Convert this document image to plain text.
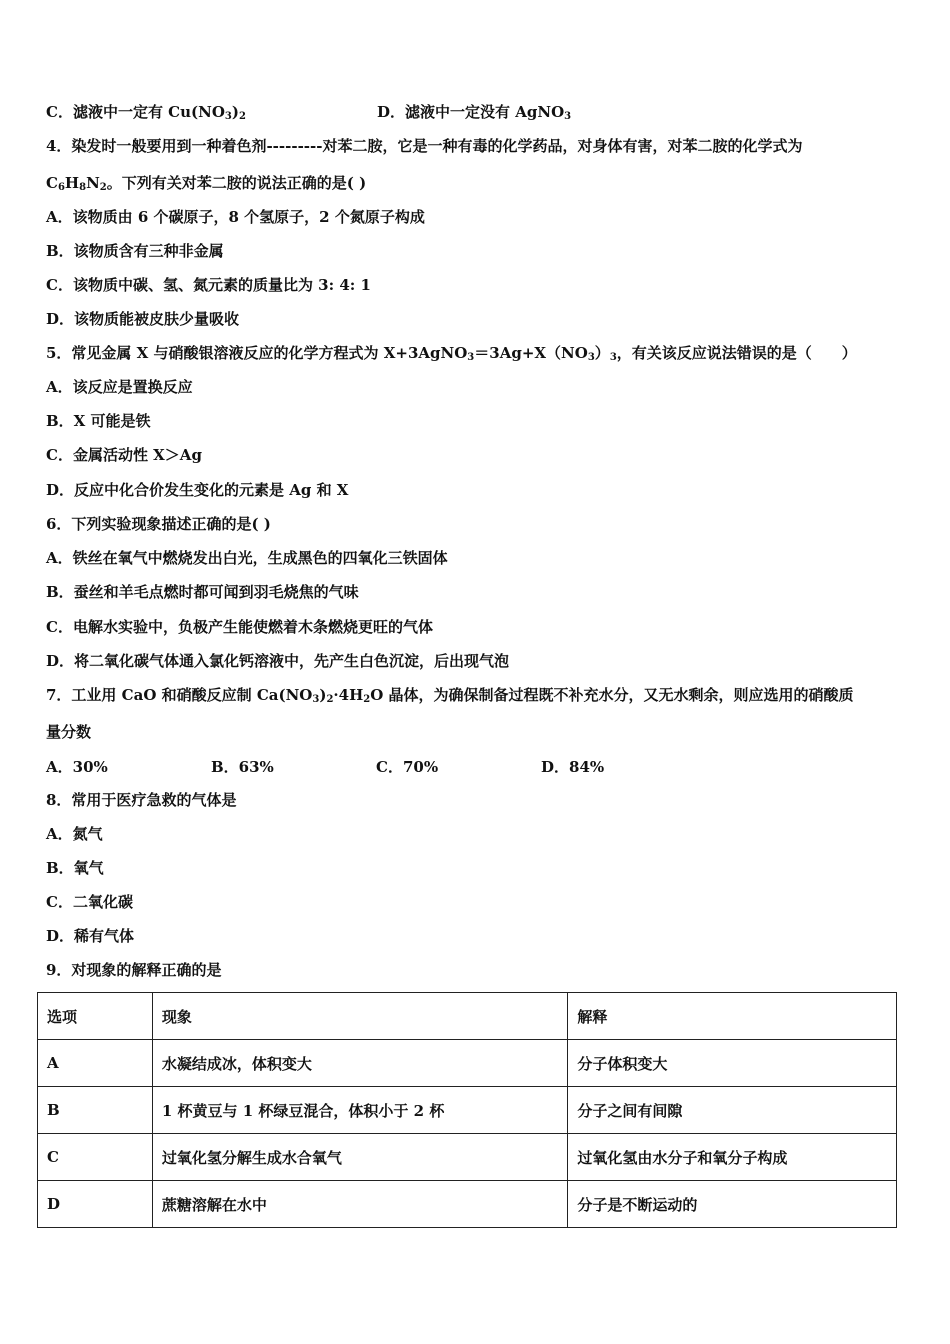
C．滤液中一定有 $Cu(NO_3)_2$	D．滤液中一定没有 AgNO$_3$
4．染发时一般要用到一种着色剂---------对苯二胺，它是一种有毒的化学药品，对身体有害，对苯二胺的化学式为
$C_6H_8N_2$。下列有关对苯二胺的说法正确的是( )
A．该物质由 6 个碳原子，8 个氢原子，2 个氮原子构成
B．该物质含有三种非金属
C．该物质中碳、氢、氮元素的质量比为 3: 4: 1
D．该物质能被皮肤少量吸收
5．常见金属 X 与硝酸银溶液反应的化学方程式为 $X+3AgNO_3=3Ag+X(NO_3)_3$，有关该反应说法错误的是（　　）
A．该反应是置换反应
B．X 可能是铁
C．金属活动性 X＞Ag
D．反应中化合价发生变化的元素是 Ag 和 X
6．下列实验现象描述正确的是( )
A．铁丝在氧气中燃烧发出白光，生成黑色的四氧化三铁固体
B．蚕丝和羊毛点燃时都可闻到羽毛烧焦的气味
C．电解水实验中，负极产生能使燃着木条燃烧更旺的气体
D．将二氧化碳气体通入氯化钙溶液中，先产生白色沉淀，后出现气泡
7．工业用 CaO 和硝酸反应制 $Ca(NO_3)_2\cdot 4H_2O$ 晶体，为确保制备过程既不补充水分，又无水剩余，则应选用的硝酸质
量分数
A．30%	B．63%	C．70%	D．84%
8．常用于医疗急救的气体是
A．氮气
B．氧气
C．二氧化碳
D．稀有气体
9．对现象的解释正确的是
选项	现象	解释
A	水凝结成冰，体积变大	分子体积变大
B	1 杯黄豆与 1 杯绿豆混合，体积小于 2 杯	分子之间有间隙
C	过氧化氢分解生成水合氧气	过氧化氢由水分子和氧分子构成
D	蔗糖溶解在水中	分子是不断运动的
